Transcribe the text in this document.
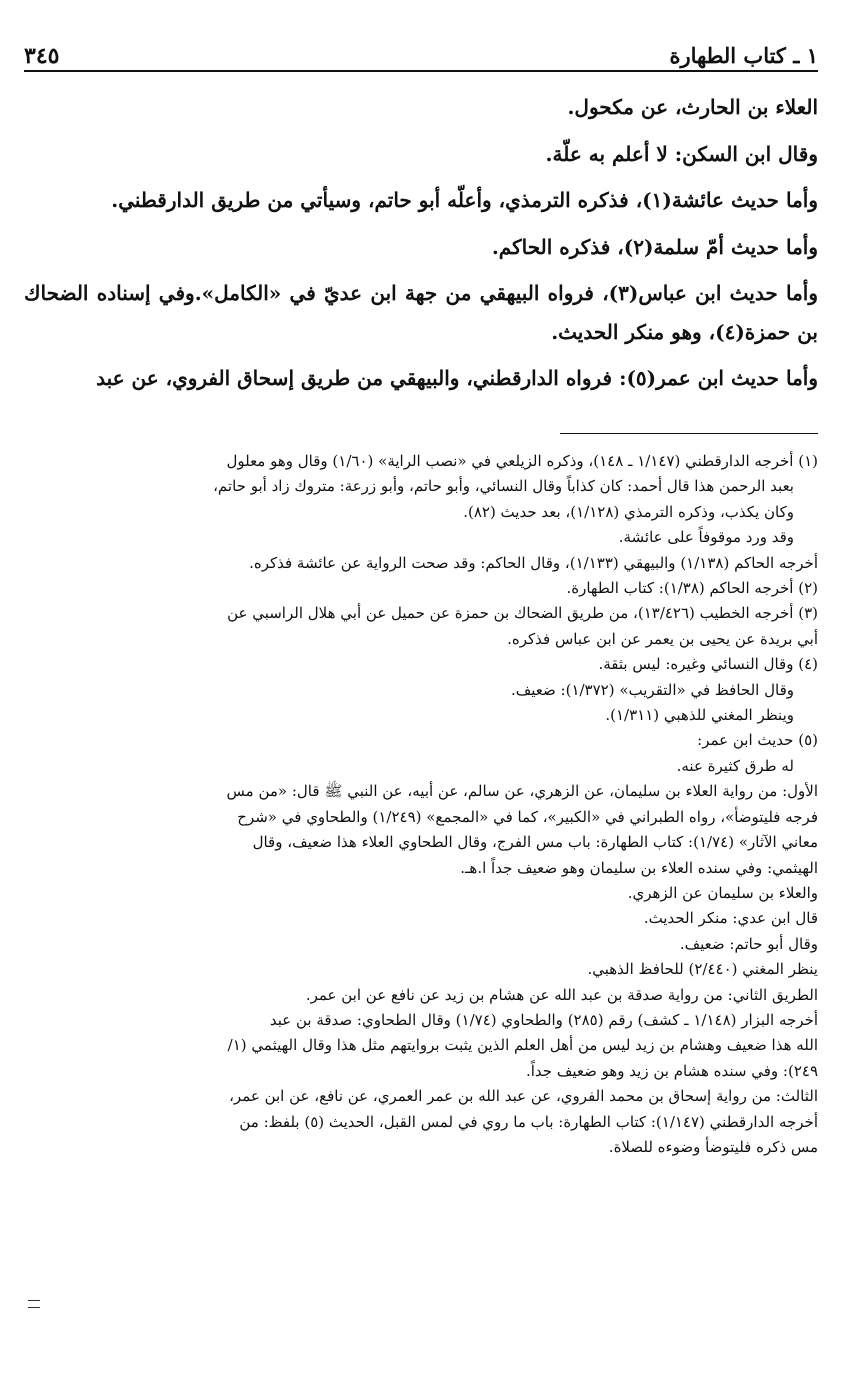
١ ـ كتاب الطهارة
٣٤٥

العلاء بن الحارث، عن مكحول.

وقال ابن السكن: لا أعلم به علّة.

وأما حديث عائشة(١)، فذكره الترمذي، وأعلّه أبو حاتم، وسيأتي من طريق الدارقطني.

وأما حديث أمّ سلمة(٢)، فذكره الحاكم.

وأما حديث ابن عباس(٣)، فرواه البيهقي من جهة ابن عديّ في «الكامل».وفي إسناده الضحاك بن حمزة(٤)، وهو منكر الحديث.

وأما حديث ابن عمر(٥): فرواه الدارقطني، والبيهقي من طريق إسحاق الفروي، عن عبد

(١) أخرجه الدارقطني (١/١٤٧ ـ ١٤٨)، وذكره الزيلعي في «نصب الراية» (١/٦٠) وقال وهو معلول

بعبد الرحمن هذا قال أحمد: كان كذاباً وقال النسائي، وأبو حاتم، وأبو زرعة: متروك زاد أبو حاتم،

وكان يكذب، وذكره الترمذي (١/١٢٨)، بعد حديث (٨٢).

وقد ورد موقوفاً على عائشة.

أخرجه الحاكم (١/١٣٨) والبيهقي (١/١٣٣)، وقال الحاكم: وقد صحت الرواية عن عائشة فذكره.

(٢) أخرجه الحاكم (١/٣٨): كتاب الطهارة.

(٣) أخرجه الخطيب (١٣/٤٢٦)، من طريق الضحاك بن حمزة عن حميل عن أبي هلال الراسبي عن

أبي بريدة عن يحيى بن يعمر عن ابن عباس فذكره.

(٤) وقال النسائي وغيره: ليس بثقة.

وقال الحافظ في «التقريب» (١/٣٧٢): ضعيف.

وينظر المغني للذهبي (١/٣١١).

(٥) حديث ابن عمر:

له طرق كثيرة عنه.

الأول: من رواية العلاء بن سليمان، عن الزهري، عن سالم، عن أبيه، عن النبي ﷺ قال: «من مس

فرجه فليتوضأ»، رواه الطبراني في «الكبير»، كما في «المجمع» (١/٢٤٩) والطحاوي في «شرح

معاني الآثار» (١/٧٤): كتاب الطهارة: باب مس الفرج، وقال الطحاوي العلاء هذا ضعيف، وقال

الهيثمي: وفي سنده العلاء بن سليمان وهو ضعيف جداً ا.هـ.

والعلاء بن سليمان عن الزهري.

قال ابن عدي: منكر الحديث.

وقال أبو حاتم: ضعيف.

ينظر المغني (٢/٤٤٠) للحافظ الذهبي.

الطريق الثاني: من رواية صدقة بن عبد الله عن هشام بن زيد عن نافع عن ابن عمر.

أخرجه البزار (١/١٤٨ ـ كشف) رقم (٢٨٥) والطحاوي (١/٧٤) وقال الطحاوي: صدقة بن عبد

الله هذا ضعيف وهشام بن زيد ليس من أهل العلم الذين يثبت بروايتهم مثل هذا وقال الهيثمي (١/

٢٤٩): وفي سنده هشام بن زيد وهو ضعيف جداً.

الثالث: من رواية إسحاق بن محمد الفروي، عن عبد الله بن عمر العمري، عن نافع، عن ابن عمر،

أخرجه الدارقطني (١/١٤٧): كتاب الطهارة: باب ما روي في لمس القبل، الحديث (٥) بلفظ: من

مس ذكره فليتوضأ وضوءه للصلاة.
